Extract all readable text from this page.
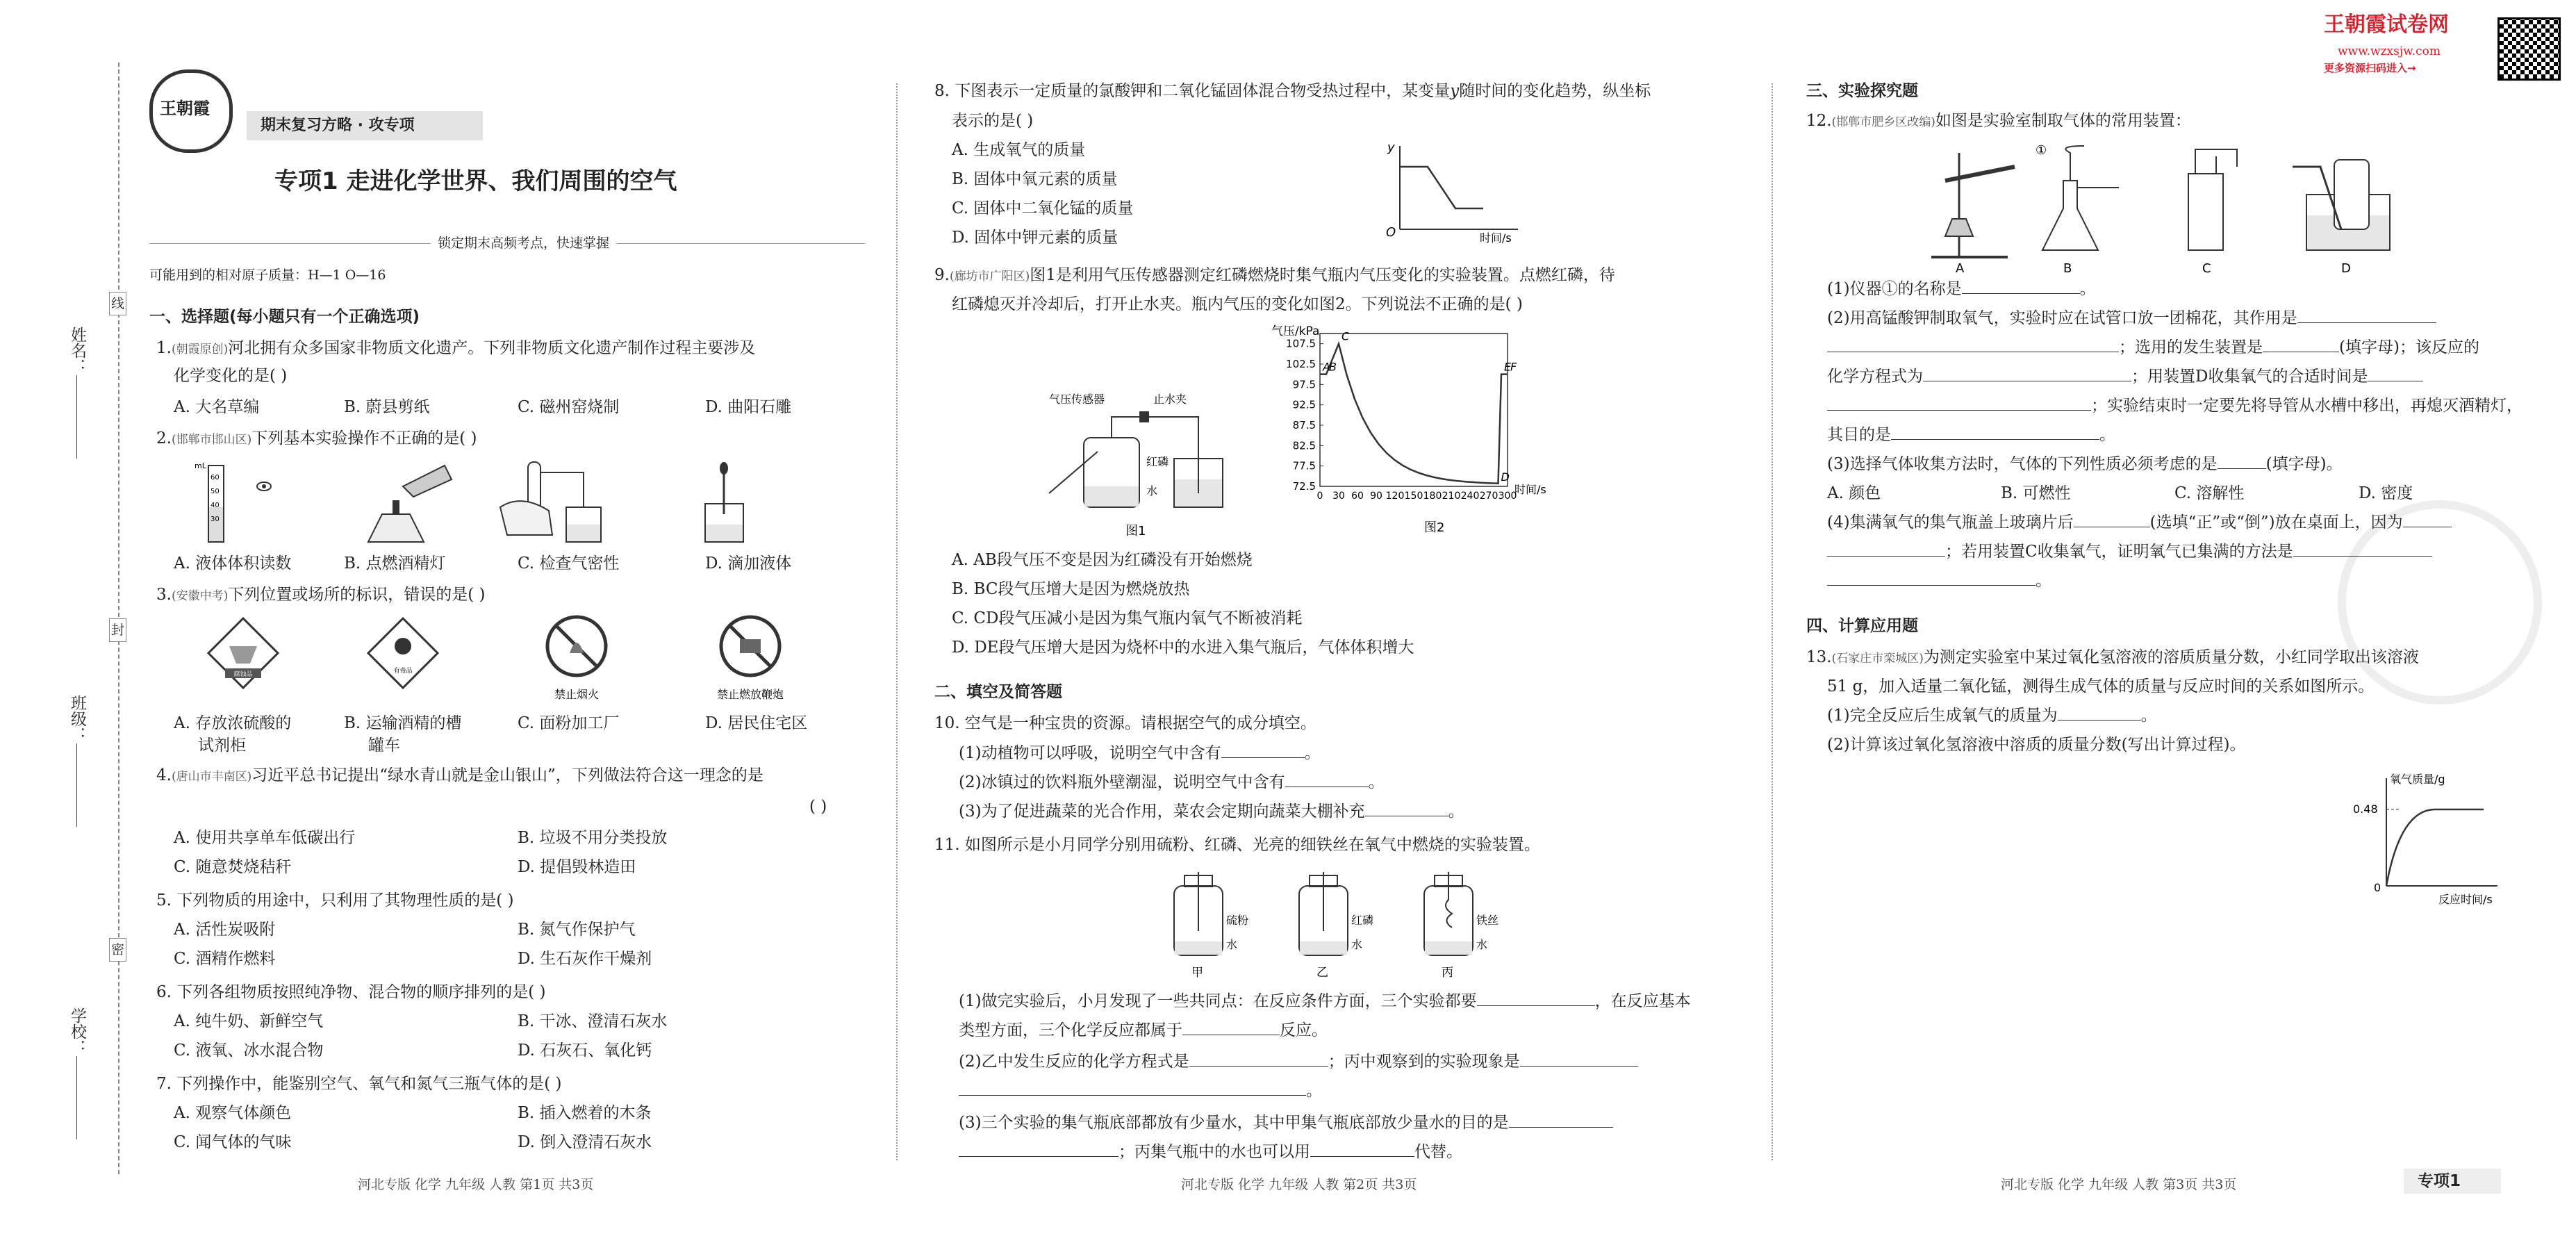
姓名：
班级：
学校：
线
封
密
王朝霞
期末复习方略 · 攻专项
专项1 走进化学世界、我们周围的空气
锁定期末高频考点，快速掌握
可能用到的相对原子质量：H—1 O—16
一、选择题(每小题只有一个正确选项)
1.(朝霞原创)河北拥有众多国家非物质文化遗产。下列非物质文化遗产制作过程主要涉及
化学变化的是( )
A. 大名草编	B. 蔚县剪纸	C. 磁州窑烧制	D. 曲阳石雕
2.(邯郸市邯山区)下列基本实验操作不正确的是( )
mL
60
50
40
30
A. 液体体积读数	B. 点燃酒精灯	C. 检查气密性	D. 滴加液体
3.(安徽中考)下列位置或场所的标识，错误的是( )
腐蚀品	有毒品
禁止烟火	禁止燃放鞭炮
A. 存放浓硫酸的
试剂柜
B. 运输酒精的槽
罐车
C. 面粉加工厂	D. 居民住宅区
4.(唐山市丰南区)习近平总书记提出“绿水青山就是金山银山”，下列做法符合这一理念的是
( )
A. 使用共享单车低碳出行	B. 垃圾不用分类投放
C. 随意焚烧秸秆	D. 提倡毁林造田
5. 下列物质的用途中，只利用了其物理性质的是( )
A. 活性炭吸附	B. 氮气作保护气
C. 酒精作燃料	D. 生石灰作干燥剂
6. 下列各组物质按照纯净物、混合物的顺序排列的是( )
A. 纯牛奶、新鲜空气	B. 干冰、澄清石灰水
C. 液氧、冰水混合物	D. 石灰石、氧化钙
7. 下列操作中，能鉴别空气、氧气和氮气三瓶气体的是( )
A. 观察气体颜色	B. 插入燃着的木条
C. 闻气体的气味	D. 倒入澄清石灰水
河北专版 化学 九年级 人教 第1页 共3页
8. 下图表示一定质量的氯酸钾和二氧化锰固体混合物受热过程中，某变量y随时间的变化趋势，纵坐标
表示的是( )
A. 生成氧气的质量
B. 固体中氧元素的质量
C. 固体中二氧化锰的质量
D. 固体中钾元素的质量
y
O	时间/s
9.(廊坊市广阳区)图1是利用气压传感器测定红磷燃烧时集气瓶内气压变化的实验装置。点燃红磷，待
红磷熄灭并冷却后，打开止水夹。瓶内气压的变化如图2。下列说法不正确的是( )
气压传感器	止水夹
红磷
水
图1
气压/kPa
72.5
77.5
82.5
87.5
92.5
97.5
102.5
107.5
0 30 60 90 120 150 180 210 240 270 300
A
B
C
D
E
F
时间/s
图2
A. AB段气压不变是因为红磷没有开始燃烧
B. BC段气压增大是因为燃烧放热
C. CD段气压减小是因为集气瓶内氧气不断被消耗
D. DE段气压增大是因为烧杯中的水进入集气瓶后，气体体积增大
二、填空及简答题
10. 空气是一种宝贵的资源。请根据空气的成分填空。
(1)动植物可以呼吸，说明空气中含有	。
(2)冰镇过的饮料瓶外壁潮湿，说明空气中含有	。
(3)为了促进蔬菜的光合作用，菜农会定期向蔬菜大棚补充	。
11. 如图所示是小月同学分别用硫粉、红磷、光亮的细铁丝在氧气中燃烧的实验装置。
硫粉
水
甲
红磷
水
乙
铁丝
水
丙
(1)做完实验后，小月发现了一些共同点：在反应条件方面，三个实验都要	，在反应基本
类型方面，三个化学反应都属于	反应。
(2)乙中发生反应的化学方程式是	；丙中观察到的实验现象是
。
(3)三个实验的集气瓶底部都放有少量水，其中甲集气瓶底部放少量水的目的是
；丙集气瓶中的水也可以用	代替。
河北专版 化学 九年级 人教 第2页 共3页
王朝霞试卷网
www.wzxsjw.com
更多资源扫码进入→
三、实验探究题
12.(邯郸市肥乡区改编)如图是实验室制取气体的常用装置：
A
①
B	C	D
(1)仪器①的名称是	。
(2)用高锰酸钾制取氧气，实验时应在试管口放一团棉花，其作用是
；选用的发生装置是	(填字母)；该反应的
化学方程式为	；用装置D收集氧气的合适时间是
；实验结束时一定要先将导管从水槽中移出，再熄灭酒精灯，
其目的是	。
(3)选择气体收集方法时，气体的下列性质必须考虑的是	(填字母)。
A. 颜色	B. 可燃性	C. 溶解性	D. 密度
(4)集满氧气的集气瓶盖上玻璃片后	(选填“正”或“倒”)放在桌面上，因为
；若用装置C收集氧气，证明氧气已集满的方法是
。
四、计算应用题
13.(石家庄市栾城区)为测定实验室中某过氧化氢溶液的溶质质量分数，小红同学取出该溶液
51 g，加入适量二氧化锰，测得生成气体的质量与反应时间的关系如图所示。
(1)完全反应后生成氧气的质量为	。
(2)计算该过氧化氢溶液中溶质的质量分数(写出计算过程)。
氧气质量/g
0.48
0
反应时间/s
河北专版 化学 九年级 人教 第3页 共3页	专项1
